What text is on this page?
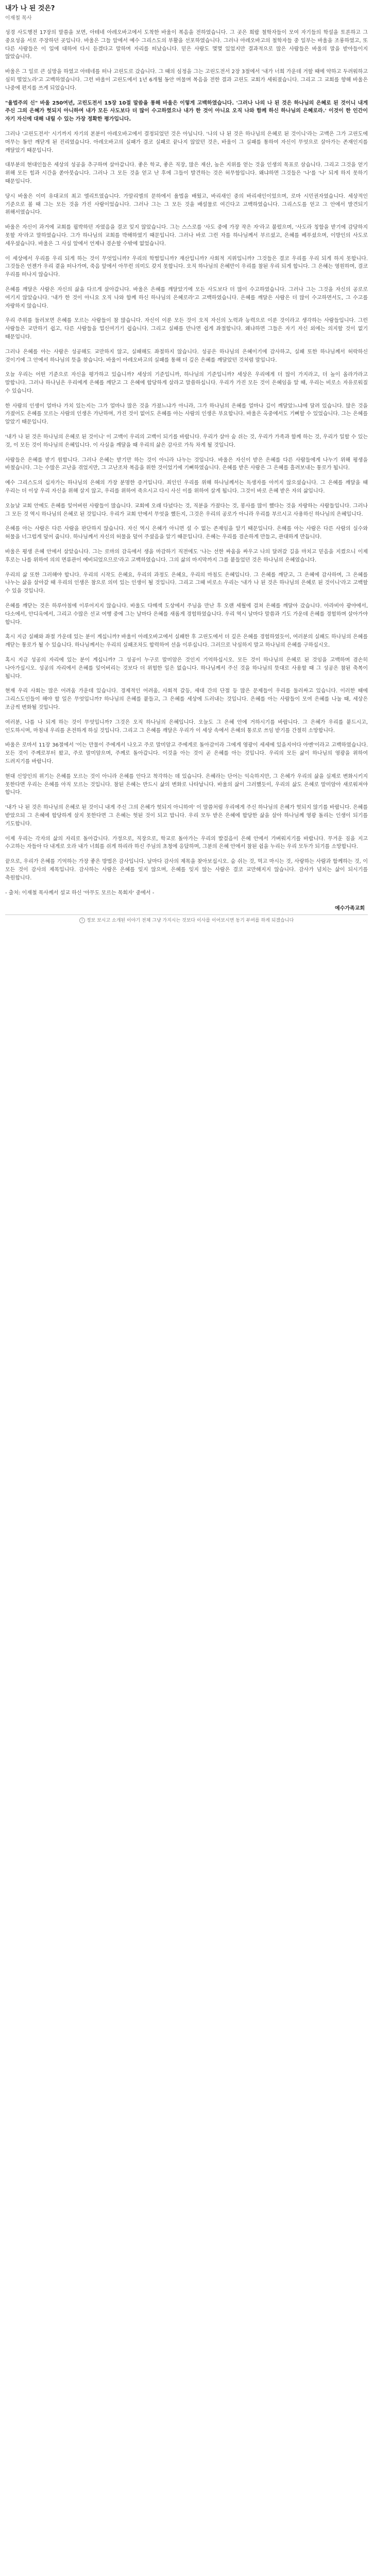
내가 나 된 것은?
이재철 목사

성경 사도행전 17장의 말씀을 보면, 아테네 아레오바고에서 도착한 바울이 복음을 전하였습니다. 그 곳은 희랍 철학자들이 모여 자기들의 학설을 토론하고 그 중요성을 서로 주장하던 곳입니다. 바울은 그들 앞에서 예수 그리스도의 부활을 선포하였습니다. 그러나 아레오바고의 철학자들 중 일부는 바울을 조롱하였고, 또 다른 사람들은 이 일에 대하여 다시 듣겠다고 말하며 자리를 떠났습니다. 믿은 사람도 몇몇 있었지만 결과적으로 많은 사람들은 바울의 말을 받아들이지 않았습니다.

바울은 그 일로 큰 실망을 하였고 아테네를 떠나 고린도로 갔습니다. 그 때의 심정을 그는 고린도전서 2장 3절에서 '내가 너희 가운데 거할 때에 약하고 두려워하고 심히 떨었노라'고 고백하였습니다. 그런 바울이 고린도에서 1년 6개월 동안 머물며 복음을 전한 결과 고린도 교회가 세워졌습니다. 그리고 그 교회를 향해 바울은 나중에 편지를 쓰게 되었습니다.

"율법주의 신" 바울 250여년, 고린도전서 15장 10절 말씀을 통해 바울은 이렇게 고백하였습니다. '그러나 나의 나 된 것은 하나님의 은혜로 된 것이니 내게 주신 그의 은혜가 헛되지 아니하여 내가 모든 사도보다 더 많이 수고하였으나 내가 한 것이 아니요 오직 나와 함께 하신 하나님의 은혜로라.' 이것이 한 인간이 자기 자신에 대해 내릴 수 있는 가장 정확한 평가입니다.

그러나 '고린도전서' 시기까지 자기의 본분이 아레오바고에서 결정되었던 것은 아닙니다. '나의 나 된 것은 하나님의 은혜로 된 것이니'라는 고백은 그가 고린도에 머무는 동안 깨닫게 된 진리였습니다. 아레오바고의 실패가 결코 실패로 끝나지 않았던 것은, 바울이 그 실패를 통하여 자신이 무엇으로 살아가는 존재인지를 깨달았기 때문입니다.

대부분의 현대인들은 세상의 성공을 추구하며 살아갑니다. 좋은 학교, 좋은 직장, 많은 재산, 높은 지위를 얻는 것을 인생의 목표로 삼습니다. 그리고 그것을 얻기 위해 모든 힘과 시간을 쏟아붓습니다. 그러나 그 모든 것을 얻고 난 후에 그들이 발견하는 것은 허무함입니다. 왜냐하면 그것들은 '나'를 '나' 되게 하지 못하기 때문입니다.

당시 바울은 이미 유대교의 최고 엘리트였습니다. 가말리엘의 문하에서 율법을 배웠고, 바리새인 중의 바리새인이었으며, 로마 시민권자였습니다. 세상적인 기준으로 볼 때 그는 모든 것을 가진 사람이었습니다. 그러나 그는 그 모든 것을 배설물로 여긴다고 고백하였습니다. 그리스도를 얻고 그 안에서 발견되기 위해서였습니다.

바울은 자신이 과거에 교회를 핍박하던 자였음을 결코 잊지 않았습니다. 그는 스스로를 '사도 중에 가장 작은 자'라고 불렀으며, '사도라 칭함을 받기에 감당하지 못할 자'라고 말하였습니다. 그가 하나님의 교회를 박해하였기 때문입니다. 그러나 바로 그런 자를 하나님께서 부르셨고, 은혜를 베푸셨으며, 이방인의 사도로 세우셨습니다. 바울은 그 사실 앞에서 언제나 겸손할 수밖에 없었습니다.

이 세상에서 우리를 우리 되게 하는 것이 무엇입니까? 우리의 학벌입니까? 재산입니까? 사회적 지위입니까? 그것들은 결코 우리를 우리 되게 하지 못합니다. 그것들은 언젠가 우리 곁을 떠나가며, 죽음 앞에서 아무런 의미도 갖지 못합니다. 오직 하나님의 은혜만이 우리를 참된 우리 되게 합니다. 그 은혜는 영원하며, 결코 우리를 떠나지 않습니다.

은혜를 깨달은 사람은 자신의 삶을 다르게 살아갑니다. 바울은 은혜를 깨달았기에 모든 사도보다 더 많이 수고하였습니다. 그러나 그는 그것을 자신의 공로로 여기지 않았습니다. '내가 한 것이 아니요 오직 나와 함께 하신 하나님의 은혜로라'고 고백하였습니다. 은혜를 깨달은 사람은 더 많이 수고하면서도, 그 수고를 자랑하지 않습니다.

우리 주위를 둘러보면 은혜를 모르는 사람들이 참 많습니다. 자신이 이룬 모든 것이 오직 자신의 노력과 능력으로 이룬 것이라고 생각하는 사람들입니다. 그런 사람들은 교만하기 쉽고, 다른 사람들을 업신여기기 쉽습니다. 그리고 실패를 만나면 쉽게 좌절합니다. 왜냐하면 그들은 자기 자신 외에는 의지할 것이 없기 때문입니다.

그러나 은혜를 아는 사람은 성공해도 교만하지 않고, 실패해도 좌절하지 않습니다. 성공은 하나님의 은혜이기에 감사하고, 실패 또한 하나님께서 허락하신 것이기에 그 안에서 하나님의 뜻을 찾습니다. 바울이 아레오바고의 실패를 통해 더 깊은 은혜를 깨달았던 것처럼 말입니다.

오늘 우리는 어떤 기준으로 자신을 평가하고 있습니까? 세상의 기준입니까, 하나님의 기준입니까? 세상은 우리에게 더 많이 가지라고, 더 높이 올라가라고 말합니다. 그러나 하나님은 우리에게 은혜를 깨닫고 그 은혜에 합당하게 살라고 말씀하십니다. 우리가 가진 모든 것이 은혜임을 알 때, 우리는 비로소 자유로워질 수 있습니다.

한 사람의 인생이 얼마나 가치 있는지는 그가 얼마나 많은 것을 가졌느냐가 아니라, 그가 하나님의 은혜를 얼마나 깊이 깨달았느냐에 달려 있습니다. 많은 것을 가졌어도 은혜를 모르는 사람의 인생은 가난하며, 가진 것이 없어도 은혜를 아는 사람의 인생은 부요합니다. 바울은 옥중에서도 기뻐할 수 있었습니다. 그는 은혜를 알았기 때문입니다.

'내가 나 된 것은 하나님의 은혜로 된 것이니' 이 고백이 우리의 고백이 되기를 바랍니다. 우리가 살아 숨 쉬는 것, 우리가 가족과 함께 하는 것, 우리가 일할 수 있는 것, 이 모든 것이 하나님의 은혜입니다. 이 사실을 깨달을 때 우리의 삶은 감사로 가득 차게 될 것입니다.

사람들은 은혜를 받기 원합니다. 그러나 은혜는 받기만 하는 것이 아니라 나누는 것입니다. 바울은 자신이 받은 은혜를 다른 사람들에게 나누기 위해 평생을 바쳤습니다. 그는 수많은 고난을 겪었지만, 그 고난조차 복음을 위한 것이었기에 기뻐하였습니다. 은혜를 받은 사람은 그 은혜를 흘려보내는 통로가 됩니다.

예수 그리스도의 십자가는 하나님의 은혜의 가장 분명한 증거입니다. 죄인인 우리를 위해 하나님께서는 독생자를 아끼지 않으셨습니다. 그 은혜를 깨달을 때 우리는 더 이상 우리 자신을 위해 살지 않고, 우리를 위하여 죽으시고 다시 사신 이를 위하여 살게 됩니다. 그것이 바로 은혜 받은 자의 삶입니다.

오늘날 교회 안에도 은혜를 잊어버린 사람들이 많습니다. 교회에 오래 다녔다는 것, 직분을 가졌다는 것, 봉사를 많이 했다는 것을 자랑하는 사람들입니다. 그러나 그 모든 것 역시 하나님의 은혜로 된 것입니다. 우리가 교회 안에서 무엇을 했든지, 그것은 우리의 공로가 아니라 우리를 부르시고 사용하신 하나님의 은혜입니다.

은혜를 아는 사람은 다른 사람을 판단하지 않습니다. 자신 역시 은혜가 아니면 설 수 없는 존재임을 알기 때문입니다. 은혜를 아는 사람은 다른 사람의 실수와 허물을 너그럽게 덮어 줍니다. 하나님께서 자신의 허물을 덮어 주셨음을 알기 때문입니다. 은혜는 우리를 겸손하게 만들고, 관대하게 만듭니다.

바울은 평생 은혜 안에서 살았습니다. 그는 로마의 감옥에서 생을 마감하기 직전에도 '나는 선한 싸움을 싸우고 나의 달려갈 길을 마치고 믿음을 지켰으니 이제 후로는 나를 위하여 의의 면류관이 예비되었으므로'라고 고백하였습니다. 그의 삶의 마지막까지 그를 붙들었던 것은 하나님의 은혜였습니다.

우리의 삶 또한 그러해야 합니다. 우리의 시작도 은혜요, 우리의 과정도 은혜요, 우리의 마침도 은혜입니다. 그 은혜를 깨닫고, 그 은혜에 감사하며, 그 은혜를 나누는 삶을 살아갈 때 우리의 인생은 참으로 의미 있는 인생이 될 것입니다. 그리고 그때 비로소 우리는 '내가 나 된 것은 하나님의 은혜로 된 것이니'라고 고백할 수 있을 것입니다.

은혜를 깨닫는 것은 하루아침에 이루어지지 않습니다. 바울도 다메섹 도상에서 주님을 만난 후 오랜 세월에 걸쳐 은혜를 깨달아 갔습니다. 아라비아 광야에서, 다소에서, 안디옥에서, 그리고 수많은 선교 여행 중에 그는 날마다 은혜를 새롭게 경험하였습니다. 우리 역시 날마다 말씀과 기도 가운데 은혜를 경험하며 살아가야 합니다.

혹시 지금 실패와 좌절 가운데 있는 분이 계십니까? 바울이 아레오바고에서 실패한 후 고린도에서 더 깊은 은혜를 경험하였듯이, 여러분의 실패도 하나님의 은혜를 깨닫는 통로가 될 수 있습니다. 하나님께서는 우리의 실패조차도 합력하여 선을 이루십니다. 그러므로 낙심하지 말고 하나님의 은혜를 구하십시오.

혹시 지금 성공의 자리에 있는 분이 계십니까? 그 성공이 누구로 말미암은 것인지 기억하십시오. 모든 것이 하나님의 은혜로 된 것임을 고백하며 겸손히 나아가십시오. 성공의 자리에서 은혜를 잊어버리는 것보다 더 위험한 일은 없습니다. 하나님께서 주신 것을 하나님의 뜻대로 사용할 때 그 성공은 참된 축복이 됩니다.

현재 우리 사회는 많은 어려움 가운데 있습니다. 경제적인 어려움, 사회적 갈등, 세대 간의 단절 등 많은 문제들이 우리를 둘러싸고 있습니다. 이러한 때에 그리스도인들이 해야 할 일은 무엇입니까? 하나님의 은혜를 붙들고, 그 은혜를 세상에 드러내는 것입니다. 은혜를 아는 사람들이 모여 은혜를 나눌 때, 세상은 조금씩 변화될 것입니다.

여러분, 나를 나 되게 하는 것이 무엇입니까? 그것은 오직 하나님의 은혜입니다. 오늘도 그 은혜 안에 거하시기를 바랍니다. 그 은혜가 우리를 붙드시고, 인도하시며, 마침내 우리를 온전하게 하실 것입니다. 그리고 그 은혜를 깨달은 우리가 이 세상 속에서 은혜의 통로로 쓰임 받기를 간절히 소망합니다.

바울은 로마서 11장 36절에서 '이는 만물이 주에게서 나오고 주로 말미암고 주에게로 돌아감이라 그에게 영광이 세세에 있을지어다 아멘'이라고 고백하였습니다. 모든 것이 주께로부터 왔고, 주로 말미암으며, 주께로 돌아갑니다. 이것을 아는 것이 곧 은혜를 아는 것입니다. 우리의 모든 삶이 하나님의 영광을 위하여 드려지기를 바랍니다.

현대 신앙인의 위기는 은혜를 모르는 것이 아니라 은혜를 안다고 착각하는 데 있습니다. 은혜라는 단어는 익숙하지만, 그 은혜가 우리의 삶을 실제로 변화시키지 못한다면 우리는 은혜를 아직 모르는 것입니다. 참된 은혜는 반드시 삶의 변화로 나타납니다. 바울의 삶이 그러했듯이, 우리의 삶도 은혜로 말미암아 새로워져야 합니다.

'내가 나 된 것은 하나님의 은혜로 된 것이니 내게 주신 그의 은혜가 헛되지 아니하여' 이 말씀처럼 우리에게 주신 하나님의 은혜가 헛되지 않기를 바랍니다. 은혜를 받았으되 그 은혜에 합당하게 살지 못한다면 그 은혜는 헛된 것이 되고 맙니다. 우리 모두 받은 은혜에 합당한 삶을 살아 하나님께 영광 돌리는 인생이 되기를 기도합니다.

이제 우리는 각자의 삶의 자리로 돌아갑니다. 가정으로, 직장으로, 학교로 돌아가는 우리의 발걸음이 은혜 안에서 가벼워지기를 바랍니다. 무거운 짐을 지고 수고하는 자들아 다 내게로 오라 내가 너희를 쉬게 하리라 하신 주님의 초청에 응답하며, 그분의 은혜 안에서 참된 쉼을 누리는 우리 모두가 되기를 소망합니다.

끝으로, 우리가 은혜를 기억하는 가장 좋은 방법은 감사입니다. 날마다 감사의 제목을 찾아보십시오. 숨 쉬는 것, 먹고 마시는 것, 사랑하는 사람과 함께하는 것, 이 모든 것이 감사의 제목입니다. 감사하는 사람은 은혜를 잊지 않으며, 은혜를 잊지 않는 사람은 결코 교만해지지 않습니다. 감사가 넘치는 삶이 되시기를 축원합니다.

- 출처: 이재철 목사께서 설교 하신 '아무도 모르는 목회자' 중에서 -

예수가족교회
i 정보 보시고 소개된 이야기 전체 그냥 가지시는 것보다 이사를 이어보시면 동기 부여를 하게 되겠습니다
